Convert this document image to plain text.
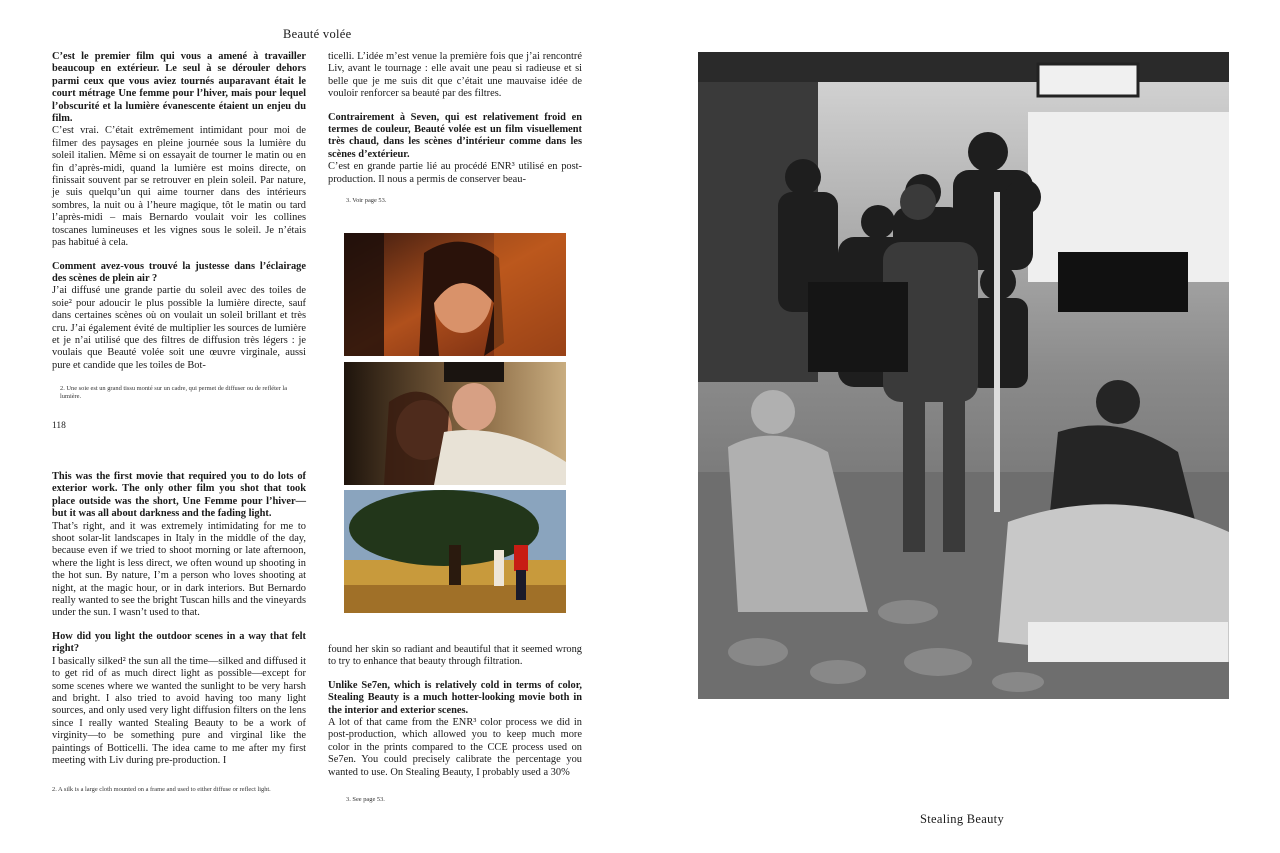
Beauté volée

C’est le premier film qui vous a amené à travailler beaucoup en extérieur. Le seul à se dérouler dehors parmi ceux que vous aviez tournés auparavant était le court métrage Une femme pour l’hiver, mais pour lequel l’obscurité et la lumière évanescente étaient un enjeu du film.

C’est vrai. C’était extrêmement intimidant pour moi de filmer des paysages en pleine journée sous la lumière du soleil italien. Même si on essayait de tourner le matin ou en fin d’après-midi, quand la lumière est moins directe, on finissait souvent par se retrouver en plein soleil. Par nature, je suis quelqu’un qui aime tourner dans des intérieurs sombres, la nuit ou à l’heure magique, tôt le matin ou tard l’après-midi – mais Bernardo voulait voir les collines toscanes lumineuses et les vignes sous le soleil. Je n’étais pas habitué à cela.

Comment avez-vous trouvé la justesse dans l’éclairage des scènes de plein air ?

J’ai diffusé une grande partie du soleil avec des toiles de soie² pour adoucir le plus possible la lumière directe, sauf dans certaines scènes où on voulait un soleil brillant et très cru. J’ai également évité de multiplier les sources de lumière et je n’ai utilisé que des filtres de diffusion très légers : je voulais que Beauté volée soit une œuvre virginale, aussi pure et candide que les toiles de Bot-

2. Une soie est un grand tissu monté sur un cadre, qui permet de diffuser ou de refléter la lumière.
118

ticelli. L’idée m’est venue la première fois que j’ai rencontré Liv, avant le tournage : elle avait une peau si radieuse et si belle que je me suis dit que c’était une mauvaise idée de vouloir renforcer sa beauté par des filtres.

Contrairement à Seven, qui est relativement froid en termes de couleur, Beauté volée est un film visuellement très chaud, dans les scènes d’intérieur comme dans les scènes d’extérieur.

C’est en grande partie lié au procédé ENR³ utilisé en post-production. Il nous a permis de conserver beau-

3. Voir page 53.

This was the first movie that required you to do lots of exterior work. The only other film you shot that took place outside was the short, Une Femme pour l’hiver—but it was all about darkness and the fading light.

That’s right, and it was extremely intimidating for me to shoot solar-lit landscapes in Italy in the middle of the day, because even if we tried to shoot morning or late afternoon, where the light is less direct, we often wound up shooting in the hot sun. By nature, I’m a person who loves shooting at night, at the magic hour, or in dark interiors. But Bernardo really wanted to see the bright Tuscan hills and the vineyards under the sun. I wasn’t used to that.

How did you light the outdoor scenes in a way that felt right?

I basically silked² the sun all the time—silked and diffused it to get rid of as much direct light as possible—except for some scenes where we wanted the sunlight to be very harsh and bright. I also tried to avoid having too many light sources, and only used very light diffusion filters on the lens since I really wanted Stealing Beauty to be a work of virginity—to be something pure and virginal like the paintings of Botticelli. The idea came to me after my first meeting with Liv during pre-production. I

2. A silk is a large cloth mounted on a frame and used to either diffuse or reflect light.

found her skin so radiant and beautiful that it seemed wrong to try to enhance that beauty through filtration.

Unlike Se7en, which is relatively cold in terms of color, Stealing Beauty is a much hotter-looking movie both in the interior and exterior scenes.

A lot of that came from the ENR³ color process we did in post-production, which allowed you to keep much more color in the prints compared to the CCE process used on Se7en. You could precisely calibrate the percentage you wanted to use. On Stealing Beauty, I probably used a 30%

3. See page 53.
Stealing Beauty
